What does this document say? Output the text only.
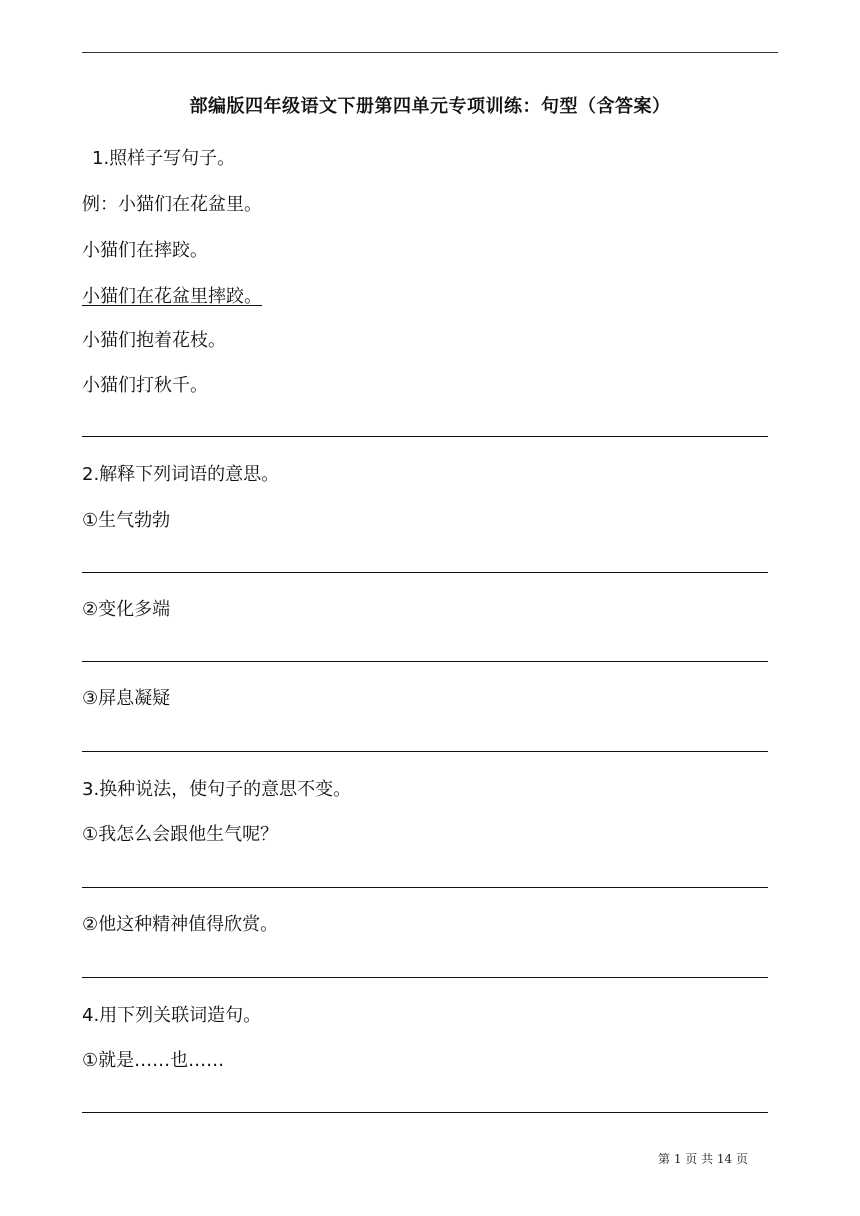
部编版四年级语文下册第四单元专项训练：句型（含答案）
1.照样子写句子。
例：小猫们在花盆里。
小猫们在摔跤。
小猫们在花盆里摔跤。
小猫们抱着花枝。
小猫们打秋千。
2.解释下列词语的意思。
①生气勃勃
②变化多端
③屏息凝疑
3.换种说法，使句子的意思不变。
①我怎么会跟他生气呢？
②他这种精神值得欣赏。
4.用下列关联词造句。
①就是……也……
第 1 页 共 14 页
